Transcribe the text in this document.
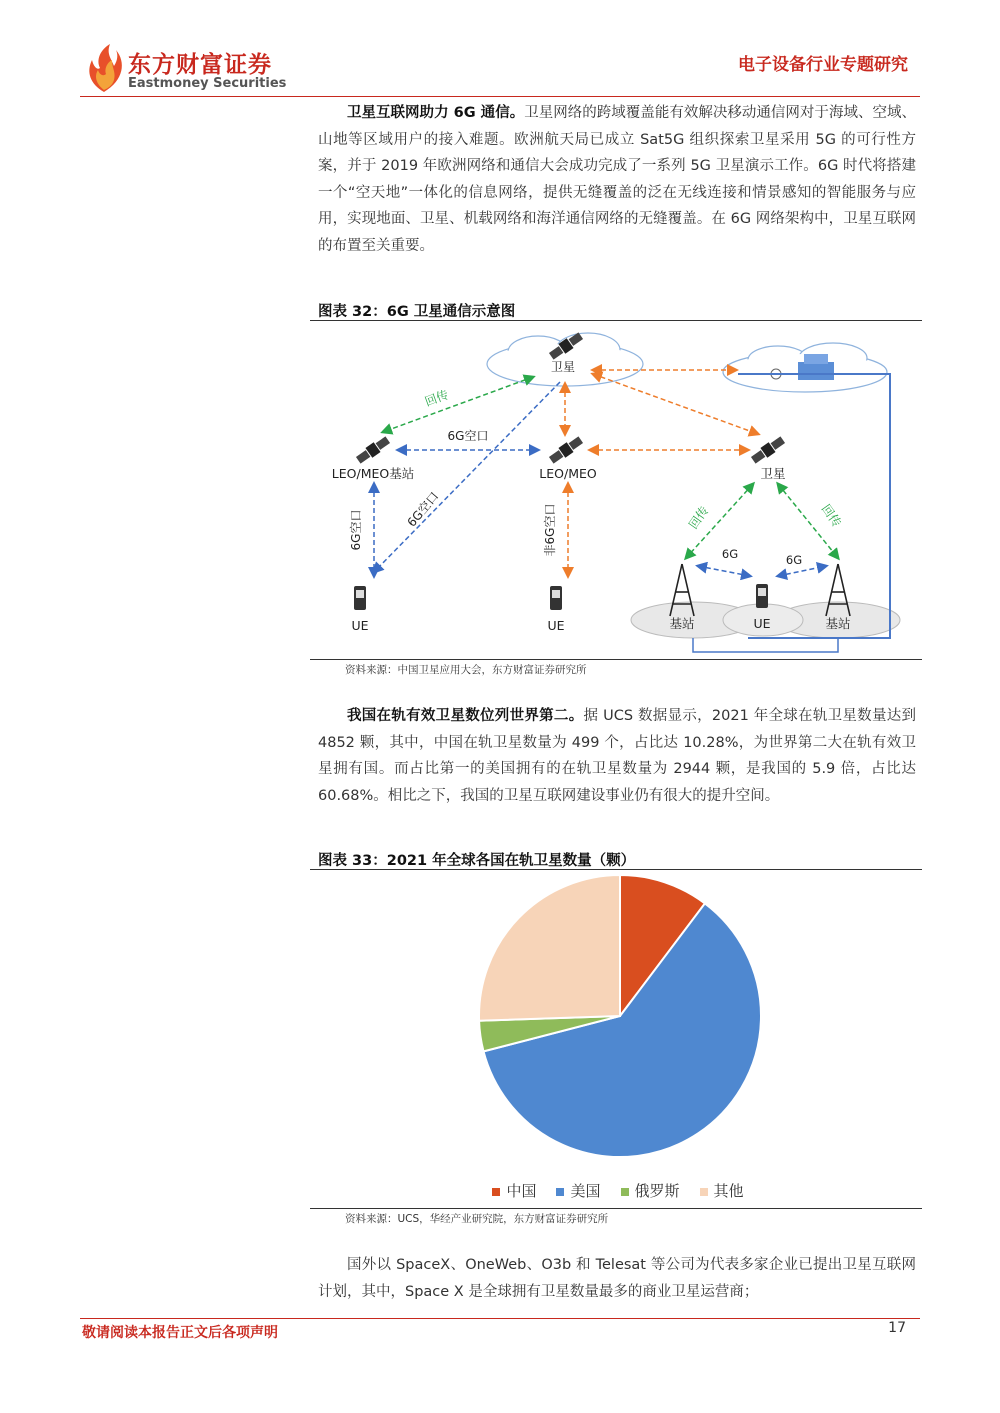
东方财富证券
Eastmoney Securities
电子设备行业专题研究
卫星互联网助力 6G 通信。卫星网络的跨域覆盖能有效解决移动通信网对于海域、空域、山地等区域用户的接入难题。欧洲航天局已成立 Sat5G 组织探索卫星采用 5G 的可行性方案，并于 2019 年欧洲网络和通信大会成功完成了一系列 5G 卫星演示工作。6G 时代将搭建一个“空天地”一体化的信息网络，提供无缝覆盖的泛在无线连接和情景感知的智能服务与应用，实现地面、卫星、机载网络和海洋通信网络的无缝覆盖。在 6G 网络架构中，卫星互联网的布置至关重要。
图表 32：6G 卫星通信示意图
卫星
LEO/MEO基站	LEO/MEO	卫星
6G空口
回传
6G空口
6G空口	非6G空口	回传	回传
6G	6G
UE	UE	UE
基站	基站
资料来源：中国卫星应用大会，东方财富证券研究所
我国在轨有效卫星数位列世界第二。据 UCS 数据显示，2021 年全球在轨卫星数量达到 4852 颗，其中，中国在轨卫星数量为 499 个，占比达 10.28%，为世界第二大在轨有效卫星拥有国。而占比第一的美国拥有的在轨卫星数量为 2944 颗，是我国的 5.9 倍，占比达 60.68%。相比之下，我国的卫星互联网建设事业仍有很大的提升空间。
图表 33：2021 年全球各国在轨卫星数量（颗）
中国 美国 俄罗斯 其他
资料来源：UCS，华经产业研究院，东方财富证券研究所
国外以 SpaceX、OneWeb、O3b 和 Telesat 等公司为代表多家企业已提出卫星互联网计划，其中，Space X 是全球拥有卫星数量最多的商业卫星运营商；
敬请阅读本报告正文后各项声明	17
